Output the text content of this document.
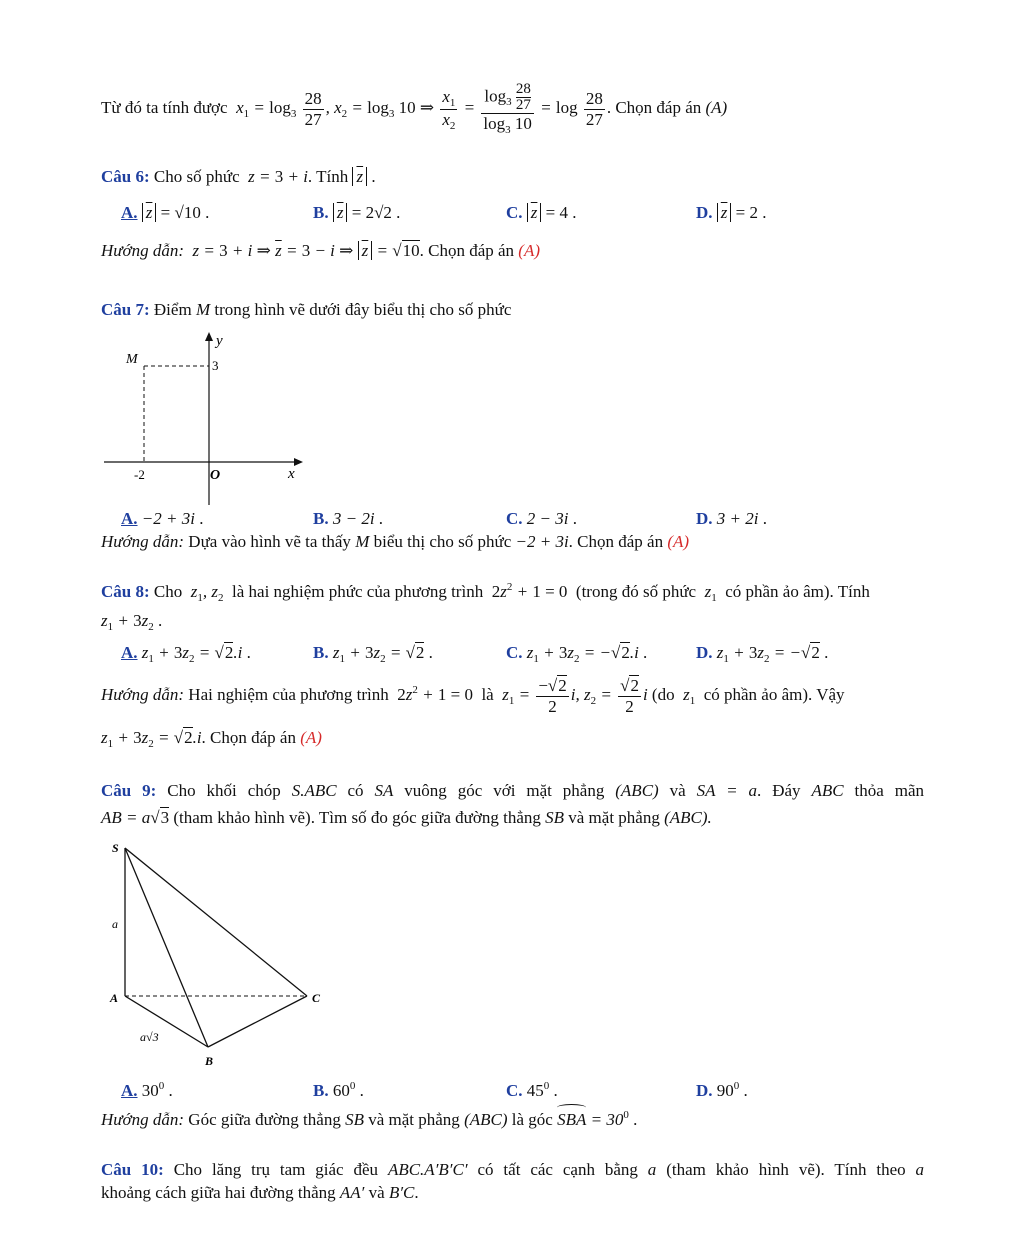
Từ đó ta tính được  $x_1 = \log_3 \frac{28}{27}$ , $x_2 = \log_3 10$ ⇒ $\frac{x_1}{x_2} = \frac{\log_3 \frac{28}{27}}{\log_3 10} = \log \frac{28}{27}$ . Chọn đáp án (A)
Câu 6: Cho số phức  z = 3 + i. Tính $\overline{z}$ .
A. $\overline{z} = √10$ .	B. $\overline{z} = 2√2$ .	C. $\overline{z} = 4$ .	D. $\overline{z} = 2$ .
Hướng dẫn:  z = 3 + i ⇒ $\overline{z} = 3 - i$ ⇒ $\overline{z} = √10$. Chọn đáp án (A)
Câu 7: Điểm M trong hình vẽ dưới đây biểu thị cho số phức
M
y
3
-2	O	x
A. −2 + 3i .	B. 3 − 2i .	C. 2 − 3i .	D. 3 + 2i .
Hướng dẫn: Dựa vào hình vẽ ta thấy M biểu thị cho số phức −2 + 3i. Chọn đáp án (A)
Câu 8: Cho  $z_1$, $z_2$ là hai nghiệm phức của phương trình $2z^2 + 1 = 0$ (trong đó số phức  $z_1$ có phần ảo âm). Tính
$z_1 + 3z_2$ .
A. $z_1 + 3z_2 = √2.i$ .	B. $z_1 + 3z_2 = √2$ .	C. $z_1 + 3z_2 = -√2.i$ .	D. $z_1 + 3z_2 = -√2$ .
Hướng dẫn: Hai nghiệm của phương trình $2z^2 + 1 = 0$ là  $z_1 = \frac{-√2}{2} i$, $z_2 = \frac{√2}{2}$ i (do  $z_1$ có phần ảo âm). Vậy
$z_1 + 3z_2 = √2.i$. Chọn đáp án (A)
Câu 9: Cho khối chóp S.ABC có SA vuông góc với mặt phẳng (ABC) và SA = a. Đáy ABC thỏa mãn
AB = a√3 (tham khảo hình vẽ). Tìm số đo góc giữa đường thẳng SB và mặt phẳng (ABC).
S
A
B
C
a
a√3
A. $30^0$ .	B. $60^0$ .	C. $45^0$ .	D. $90^0$ .
Hướng dẫn: Góc giữa đường thẳng SB và mặt phẳng (ABC) là góc SBA = $30^0$ .
Câu 10: Cho lăng trụ tam giác đều ABC.A′B′C′ có tất các cạnh bằng a (tham khảo hình vẽ). Tính theo a
khoảng cách giữa hai đường thẳng AA′ và B′C.
